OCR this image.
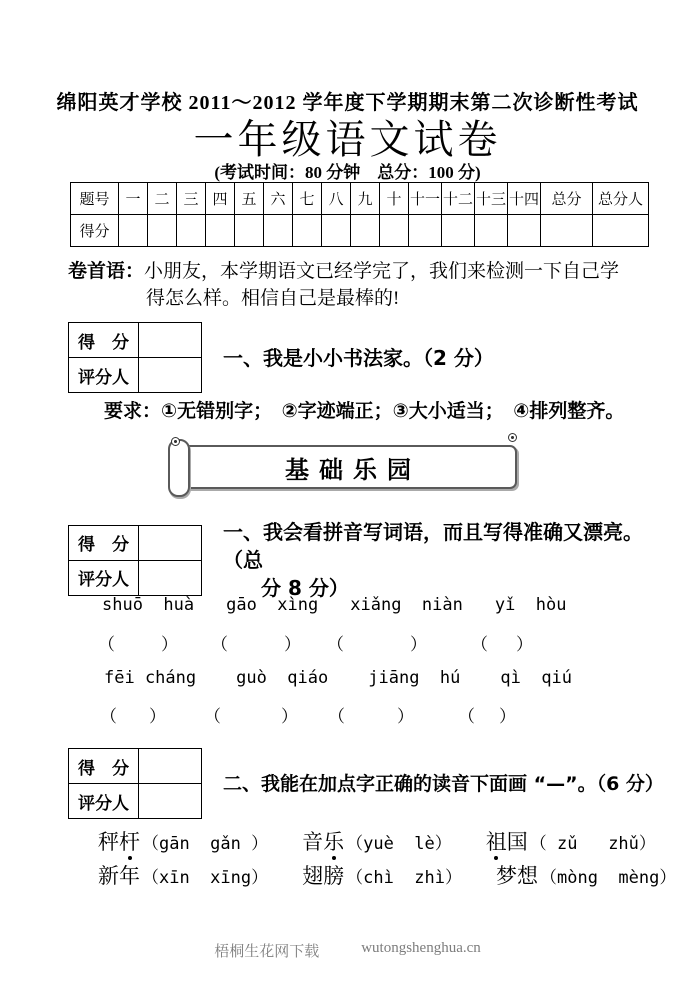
绵阳英才学校 2011～2012 学年度下学期期末第二次诊断性考试
一年级语文试卷
(考试时间：80 分钟　总分：100 分)
题号	一	二	三	四	五	六	七	八	九	十	十一	十二	十三	十四	总分	总分人
得分																
卷首语：小朋友，本学期语文已经学完了，我们来检测一下自己学
得怎么样。相信自己是最棒的!
得　分	
评分人	
一、我是小小书法家。（2 分）
要求：①无错别字；　②字迹端正；③大小适当；　④排列整齐。
基础乐园
得　分	
评分人	
一、我会看拼音写词语，而且写得准确又漂亮。（总
分 8 分）
shuō  huà gāo  xìng xiǎng  niàn yǐ  hòu
（	） （	） （	）	（ ）
fēi cháng guò  qiáo jiāng  hú qì  qiú
（ ） （	） （	）	（ ）
得　分	
评分人	
二、我能在加点字正确的读音下面画 “—”。（6 分）
秤 杆 （gān  gǎn ） 音 乐 （yuè  lè） 祖 国 （ zǔ   zhǔ）
新年 （xīn  xīng） 翅膀 （chì  zhì） 梦想 （mòng  mèng）
梧桐生花网下载	wutongshenghua.cn
